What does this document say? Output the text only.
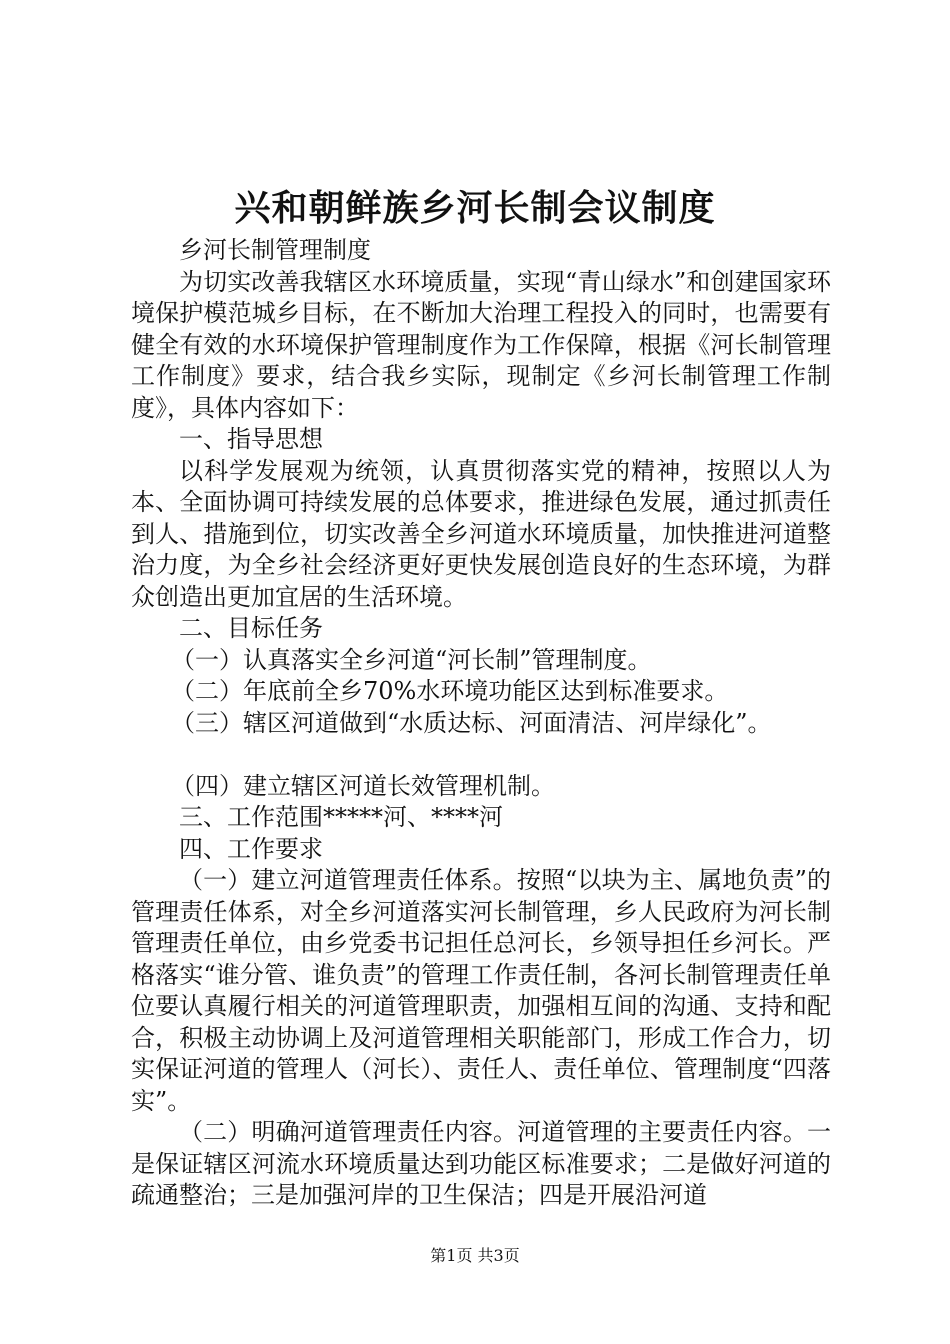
兴和朝鲜族乡河长制会议制度

乡河长制管理制度

为切实改善我辖区水环境质量，实现“青山绿水”和创建国家环境保护模范城乡目标，在不断加大治理工程投入的同时，也需要有健全有效的水环境保护管理制度作为工作保障，根据《河长制管理工作制度》要求，结合我乡实际，现制定《乡河长制管理工作制度》，具体内容如下：

一、指导思想

以科学发展观为统领，认真贯彻落实党的精神，按照以人为本、全面协调可持续发展的总体要求，推进绿色发展，通过抓责任到人、措施到位，切实改善全乡河道水环境质量，加快推进河道整治力度，为全乡社会经济更好更快发展创造良好的生态环境，为群众创造出更加宜居的生活环境。

二、目标任务

（一）认真落实全乡河道“河长制”管理制度。

（二）年底前全乡70%水环境功能区达到标准要求。

（三）辖区河道做到“水质达标、河面清洁、河岸绿化”。

（四）建立辖区河道长效管理机制。

三、工作范围*****河、****河

四、工作要求

（一）建立河道管理责任体系。按照“以块为主、属地负责”的管理责任体系，对全乡河道落实河长制管理，乡人民政府为河长制管理责任单位，由乡党委书记担任总河长，乡领导担任乡河长。严格落实“谁分管、谁负责”的管理工作责任制，各河长制管理责任单位要认真履行相关的河道管理职责，加强相互间的沟通、支持和配合，积极主动协调上及河道管理相关职能部门，形成工作合力，切实保证河道的管理人（河长）、责任人、责任单位、管理制度“四落实”。

（二）明确河道管理责任内容。河道管理的主要责任内容。一是保证辖区河流水环境质量达到功能区标准要求；二是做好河道的疏通整治；三是加强河岸的卫生保洁；四是开展沿河道

第1页 共3页
